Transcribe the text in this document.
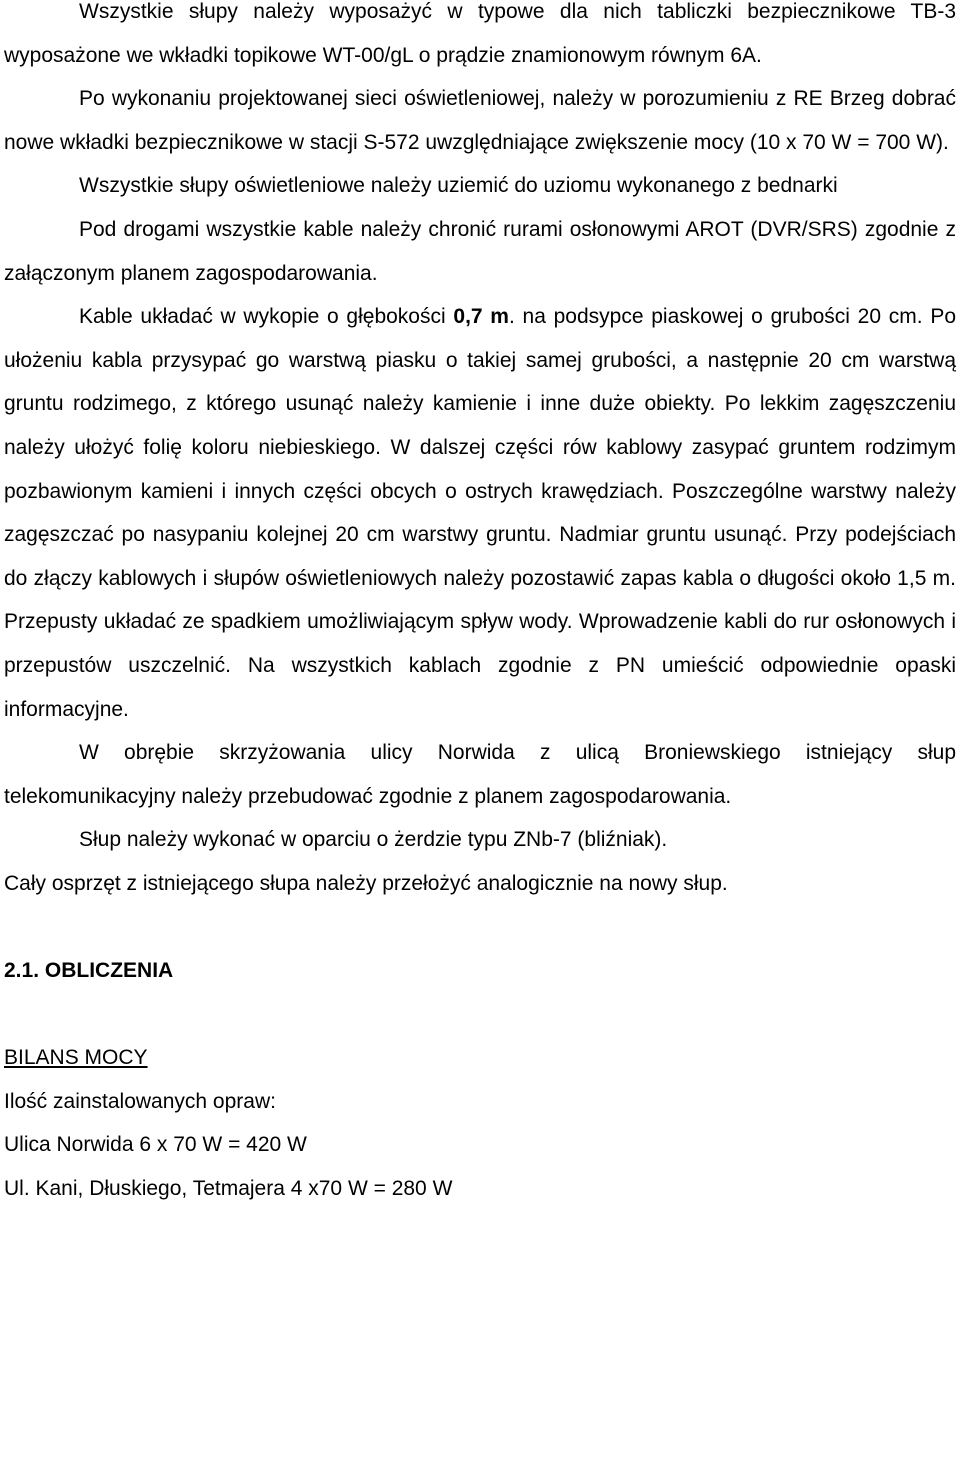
Wszystkie słupy należy wyposażyć w typowe dla nich tabliczki bezpiecznikowe TB-3 wyposażone we wkładki topikowe WT-00/gL o prądzie znamionowym równym 6A.

Po wykonaniu projektowanej sieci oświetleniowej, należy w porozumieniu z RE Brzeg dobrać nowe wkładki bezpiecznikowe w stacji S-572 uwzględniające zwiększenie mocy (10 x 70 W = 700 W).

Wszystkie słupy oświetleniowe należy uziemić do uziomu wykonanego z bednarki

Pod drogami wszystkie kable należy chronić rurami osłonowymi AROT (DVR/SRS) zgodnie z załączonym planem zagospodarowania.

Kable układać w wykopie o głębokości 0,7 m. na podsypce piaskowej o grubości 20 cm. Po ułożeniu kabla przysypać go warstwą piasku o takiej samej grubości, a następnie 20 cm warstwą gruntu rodzimego, z którego usunąć należy kamienie i inne duże obiekty. Po lekkim zagęszczeniu należy ułożyć folię koloru niebieskiego. W dalszej części rów kablowy zasypać gruntem rodzimym pozbawionym kamieni i innych części obcych o ostrych krawędziach. Poszczególne warstwy należy zagęszczać po nasypaniu kolejnej 20 cm warstwy gruntu. Nadmiar gruntu usunąć. Przy podejściach do złączy kablowych i słupów oświetleniowych należy pozostawić zapas kabla o długości około 1,5 m. Przepusty układać ze spadkiem umożliwiającym spływ wody. Wprowadzenie kabli do rur osłonowych i przepustów uszczelnić. Na wszystkich kablach zgodnie z PN umieścić odpowiednie opaski informacyjne.

W obrębie skrzyżowania ulicy Norwida z ulicą Broniewskiego istniejący słup telekomunikacyjny należy przebudować zgodnie z planem zagospodarowania.

Słup należy wykonać w oparciu o żerdzie typu ZNb-7 (bliźniak).

Cały osprzęt z istniejącego słupa należy przełożyć analogicznie na nowy słup.

2.1. OBLICZENIA

BILANS MOCY

Ilość zainstalowanych opraw:

Ulica Norwida 6 x 70 W = 420 W

Ul. Kani, Dłuskiego, Tetmajera 4 x70 W = 280 W
